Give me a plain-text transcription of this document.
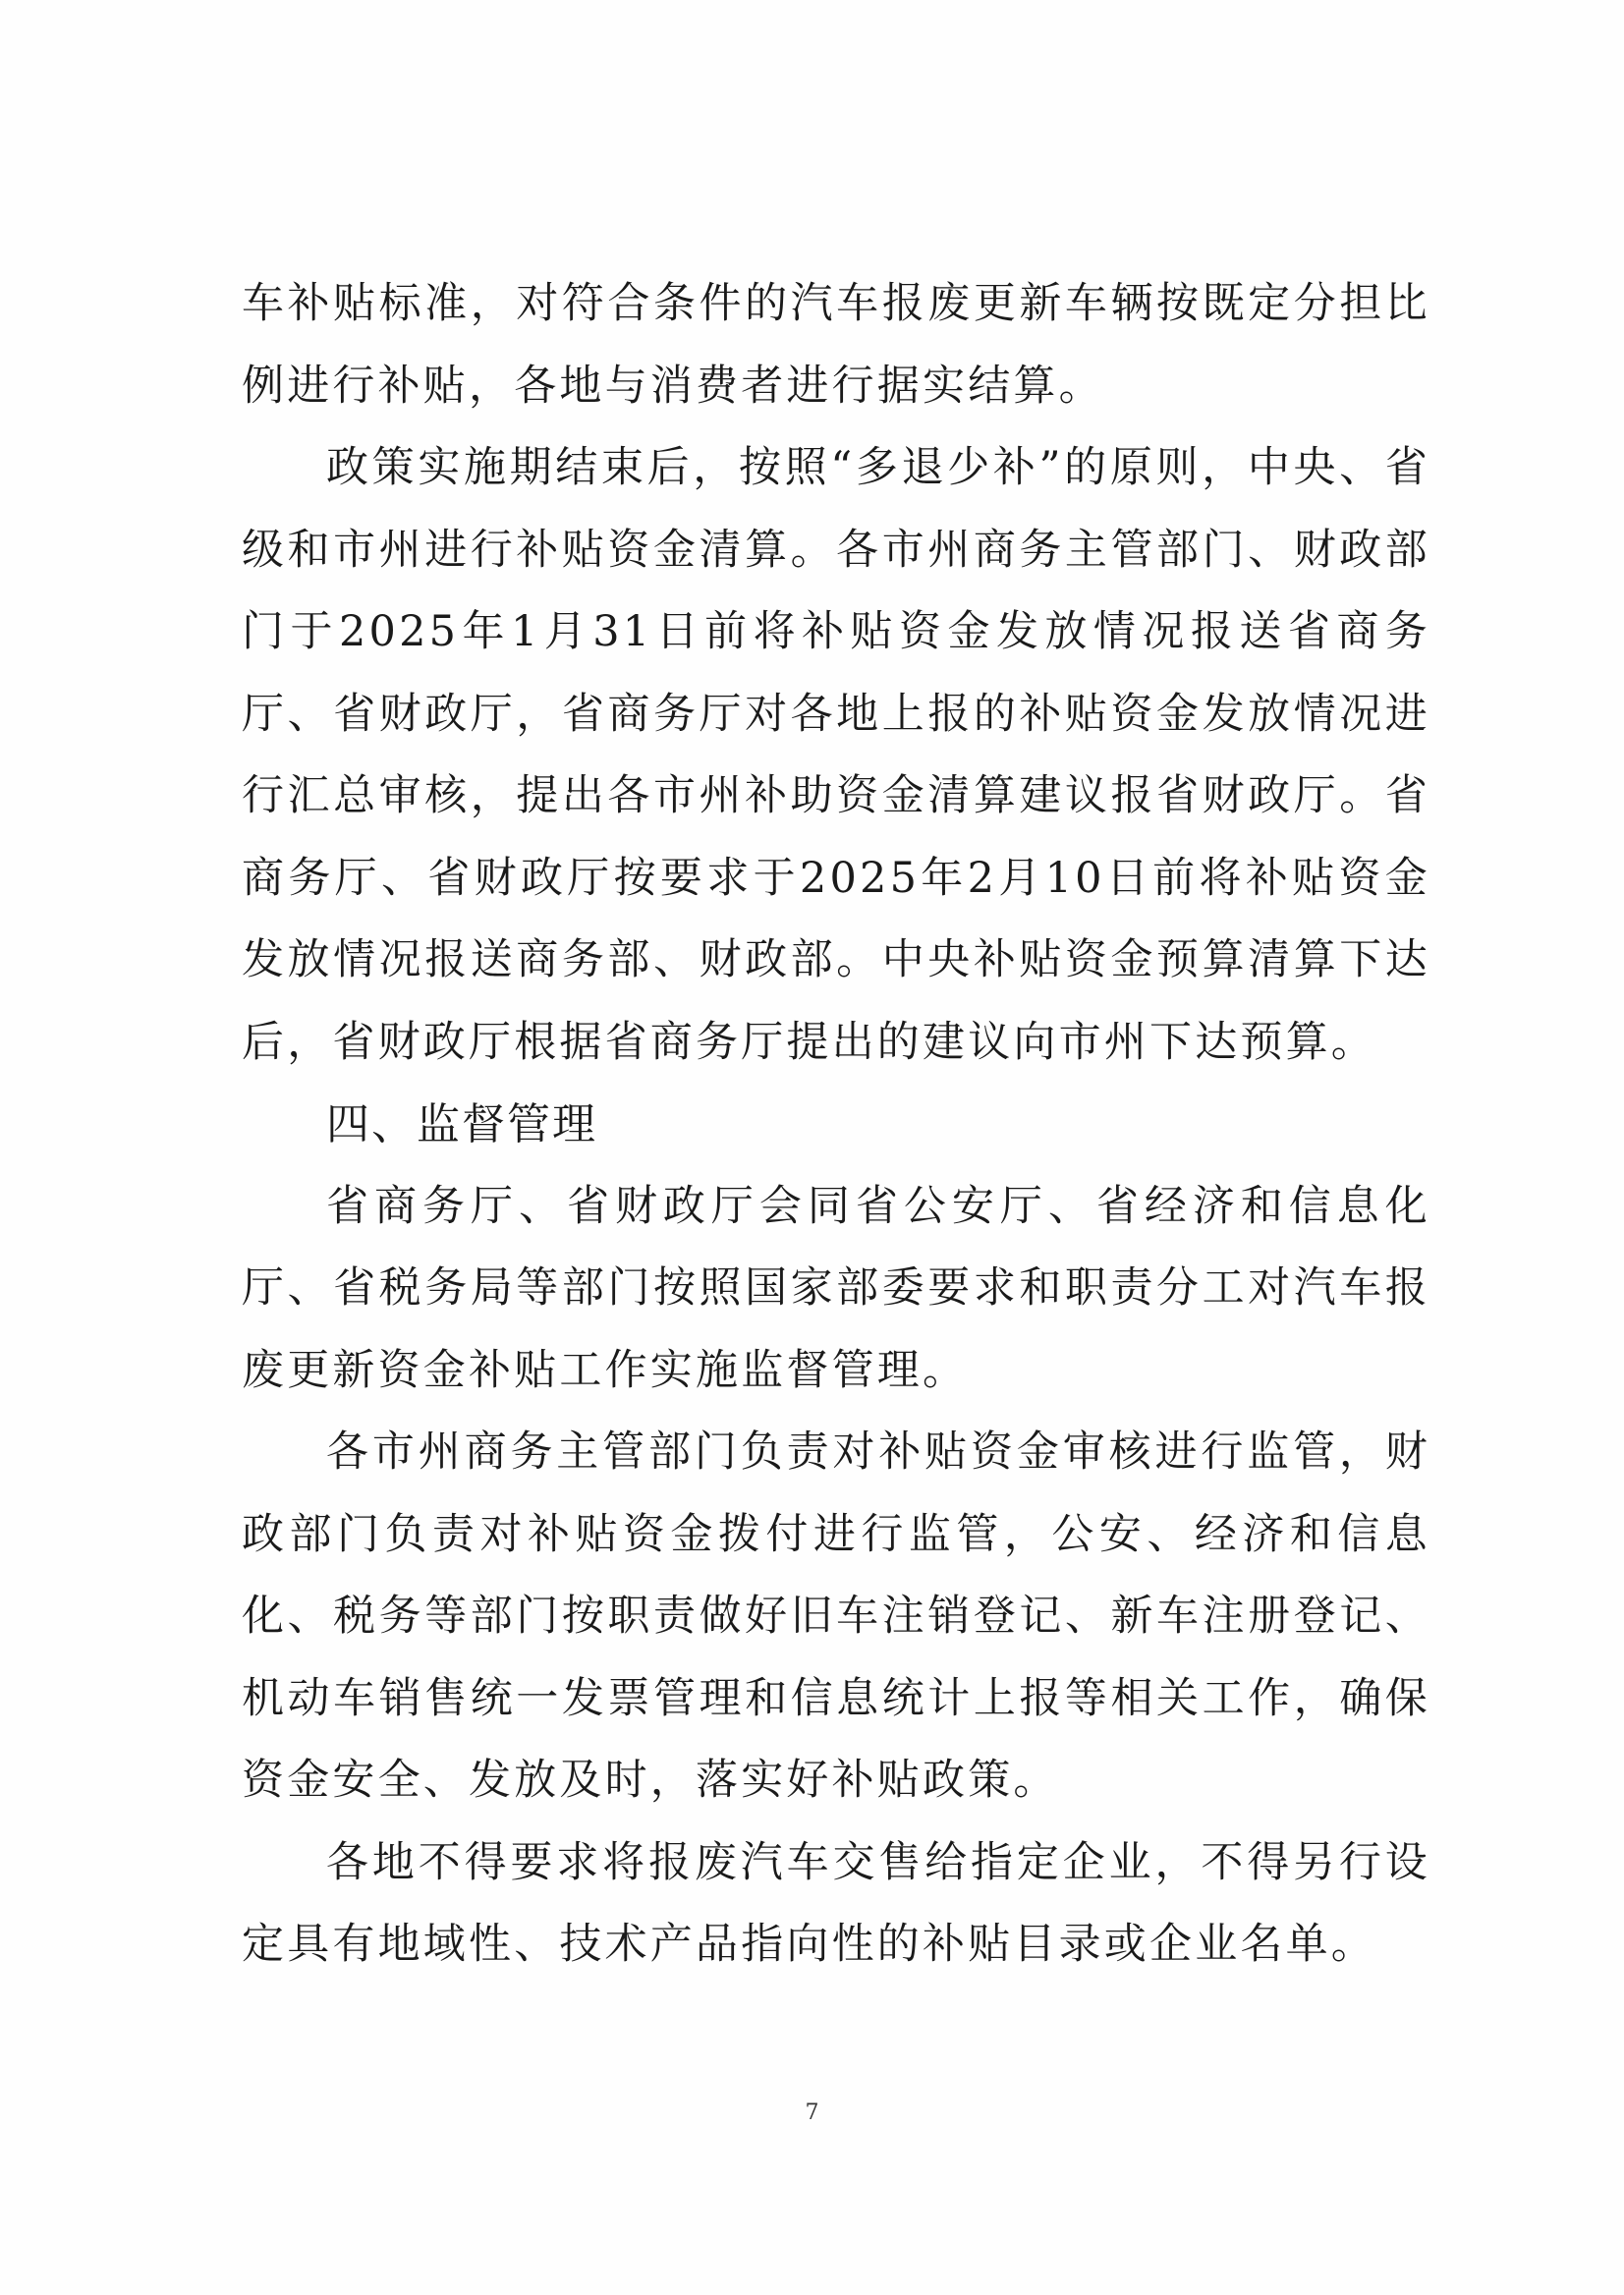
车补贴标准，对符合条件的汽车报废更新车辆按既定分担比例进行补贴，各地与消费者进行据实结算。

政策实施期结束后，按照“多退少补”的原则，中央、省级和市州进行补贴资金清算。各市州商务主管部门、财政部门于2025年1月31日前将补贴资金发放情况报送省商务厅、省财政厅，省商务厅对各地上报的补贴资金发放情况进行汇总审核，提出各市州补助资金清算建议报省财政厅。省商务厅、省财政厅按要求于2025年2月10日前将补贴资金发放情况报送商务部、财政部。中央补贴资金预算清算下达后，省财政厅根据省商务厅提出的建议向市州下达预算。

四、监督管理

省商务厅、省财政厅会同省公安厅、省经济和信息化厅、省税务局等部门按照国家部委要求和职责分工对汽车报废更新资金补贴工作实施监督管理。

各市州商务主管部门负责对补贴资金审核进行监管，财政部门负责对补贴资金拨付进行监管，公安、经济和信息化、税务等部门按职责做好旧车注销登记、新车注册登记、机动车销售统一发票管理和信息统计上报等相关工作，确保资金安全、发放及时，落实好补贴政策。

各地不得要求将报废汽车交售给指定企业，不得另行设定具有地域性、技术产品指向性的补贴目录或企业名单。

7
